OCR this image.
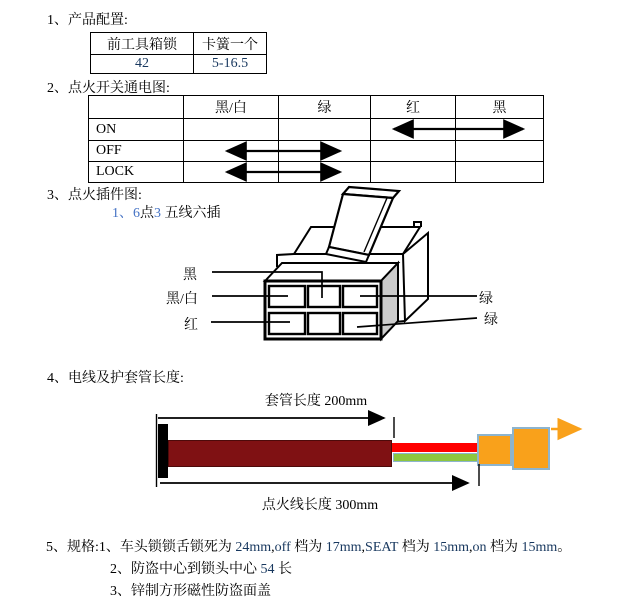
1、产品配置:
前工具箱锁	卡簧一个
42	5-16.5
2、点火开关通电图:
	黑/白	绿	红	黑
ON				
OFF				
LOCK				
3、点火插件图:
1、6点3 五线六插
黑
黑/白
红
绿
绿
4、电线及护套管长度:
套管长度 200mm
点火线长度 300mm
5、规格:1、车头锁锁舌锁死为 24mm,off 档为 17mm,SEAT 档为 15mm,on 档为 15mm。
2、防盗中心到锁头中心 54 长
3、锌制方形磁性防盗面盖
